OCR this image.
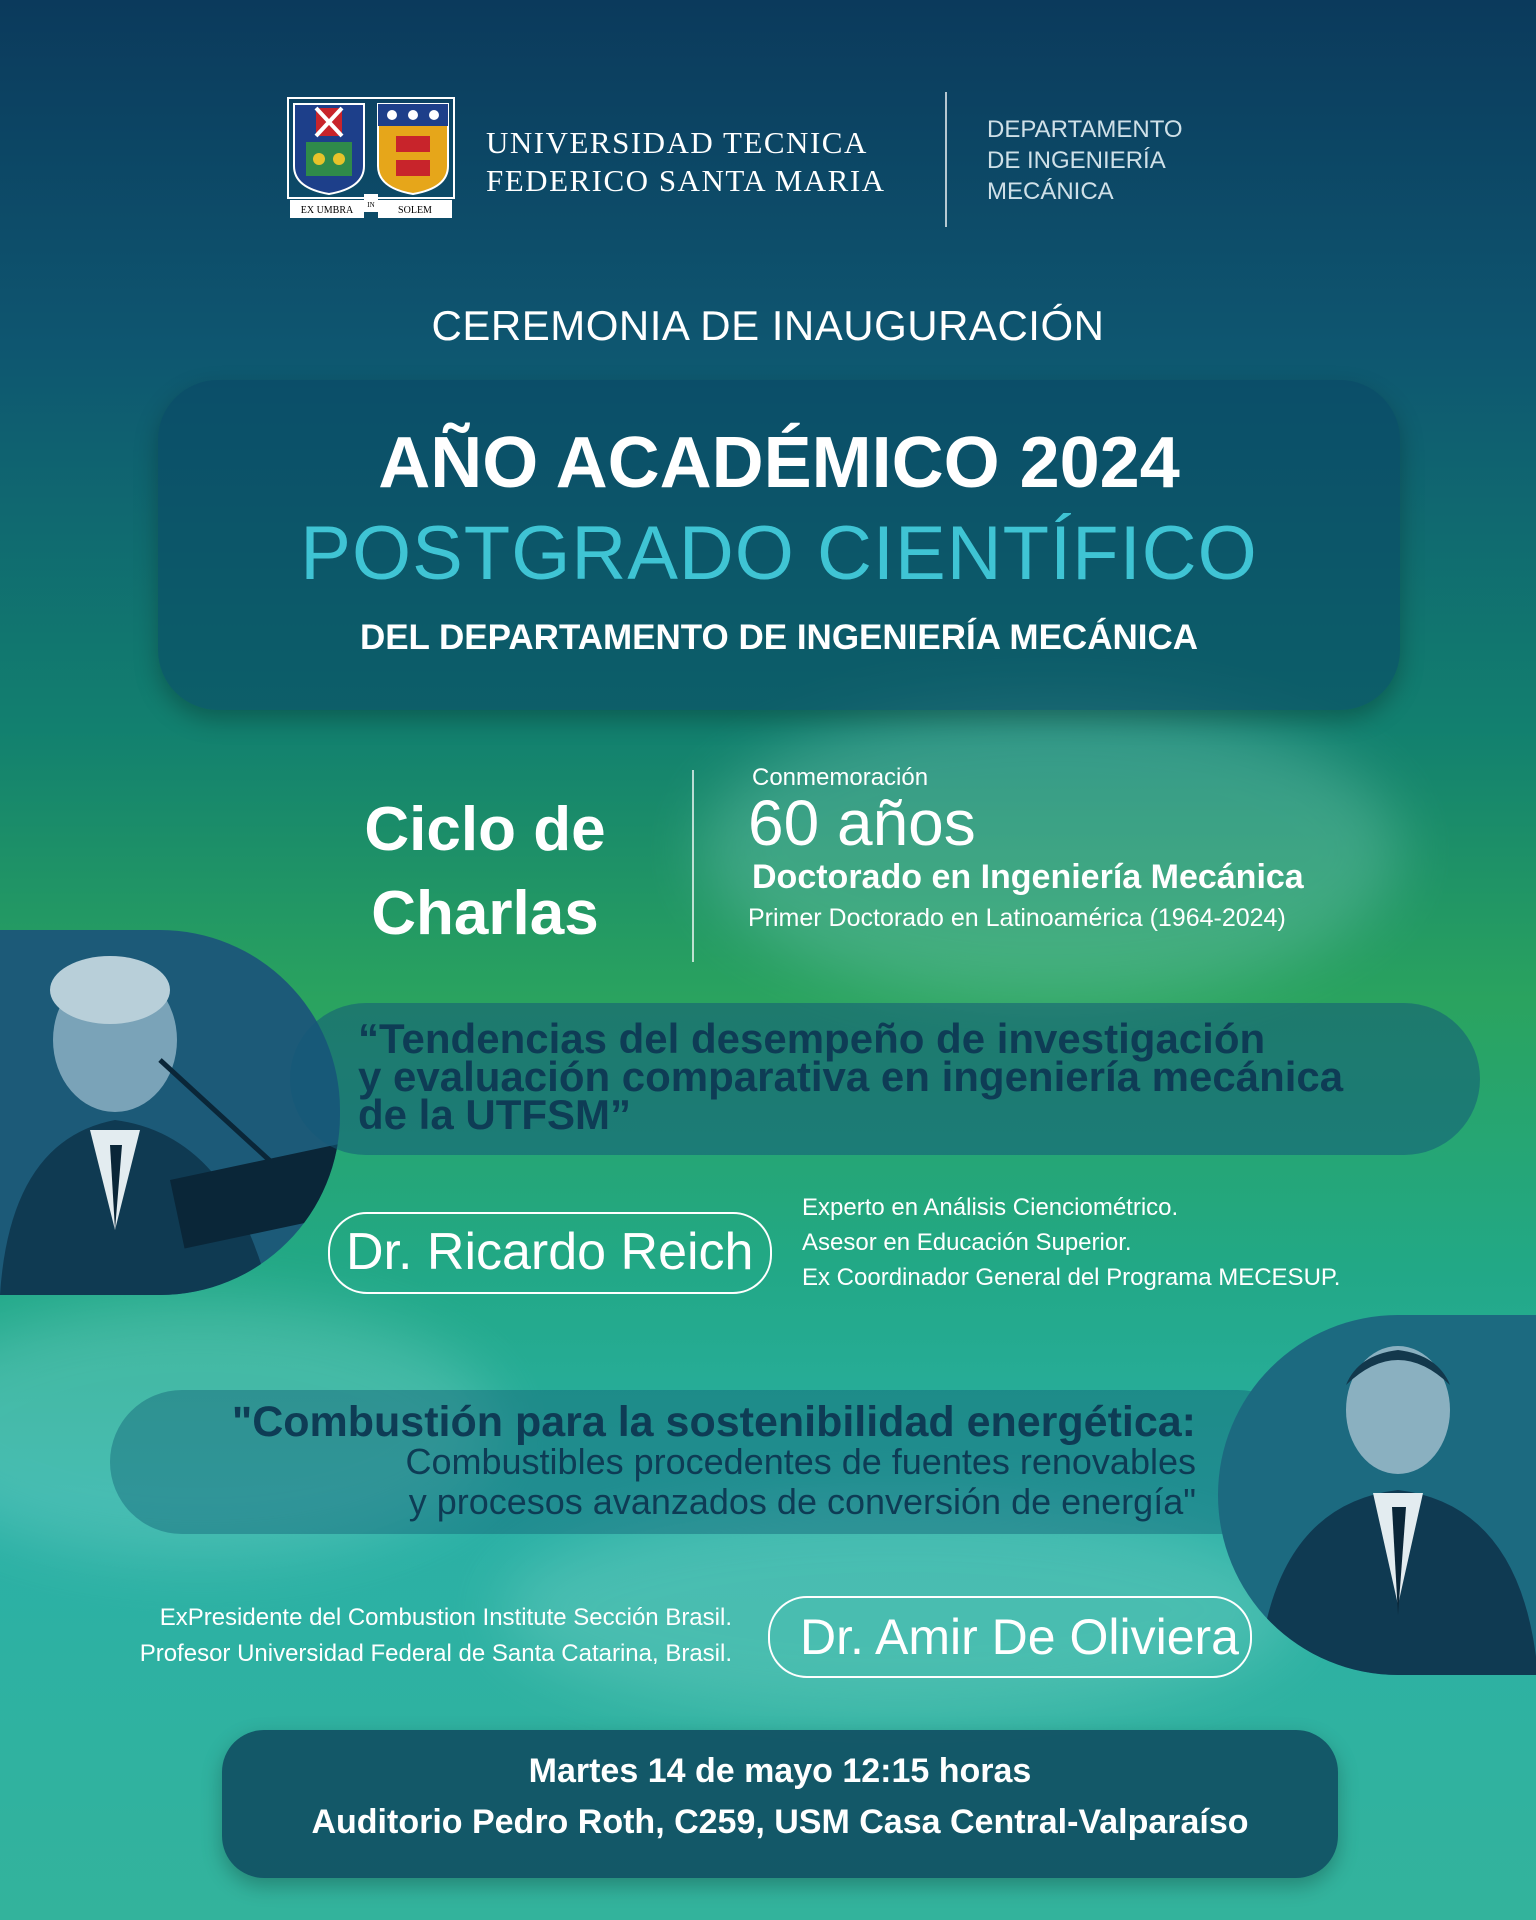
EX UMBRA IN SOLEM
UNIVERSIDAD TECNICA
FEDERICO SANTA MARIA
DEPARTAMENTO
DE INGENIERÍA
MECÁNICA
CEREMONIA DE INAUGURACIÓN
AÑO ACADÉMICO 2024
POSTGRADO CIENTÍFICO
DEL DEPARTAMENTO DE INGENIERÍA MECÁNICA
Ciclo de
Charlas
Conmemoración
60 años
Doctorado en Ingeniería Mecánica
Primer Doctorado en Latinoamérica (1964-2024)
“Tendencias del desempeño de investigación
y evaluación comparativa en ingeniería mecánica
de la UTFSM”
Dr. Ricardo Reich
Experto en Análisis Cienciométrico.
Asesor en Educación Superior.
Ex Coordinador General del Programa MECESUP.
"Combustión para la sostenibilidad energética:
Combustibles procedentes de fuentes renovables
y procesos avanzados de conversión de energía"
ExPresidente del Combustion Institute Sección Brasil.
Profesor Universidad Federal de Santa Catarina, Brasil. Dr. Amir De Oliviera
Martes 14 de mayo 12:15 horas
Auditorio Pedro Roth, C259, USM Casa Central-Valparaíso
